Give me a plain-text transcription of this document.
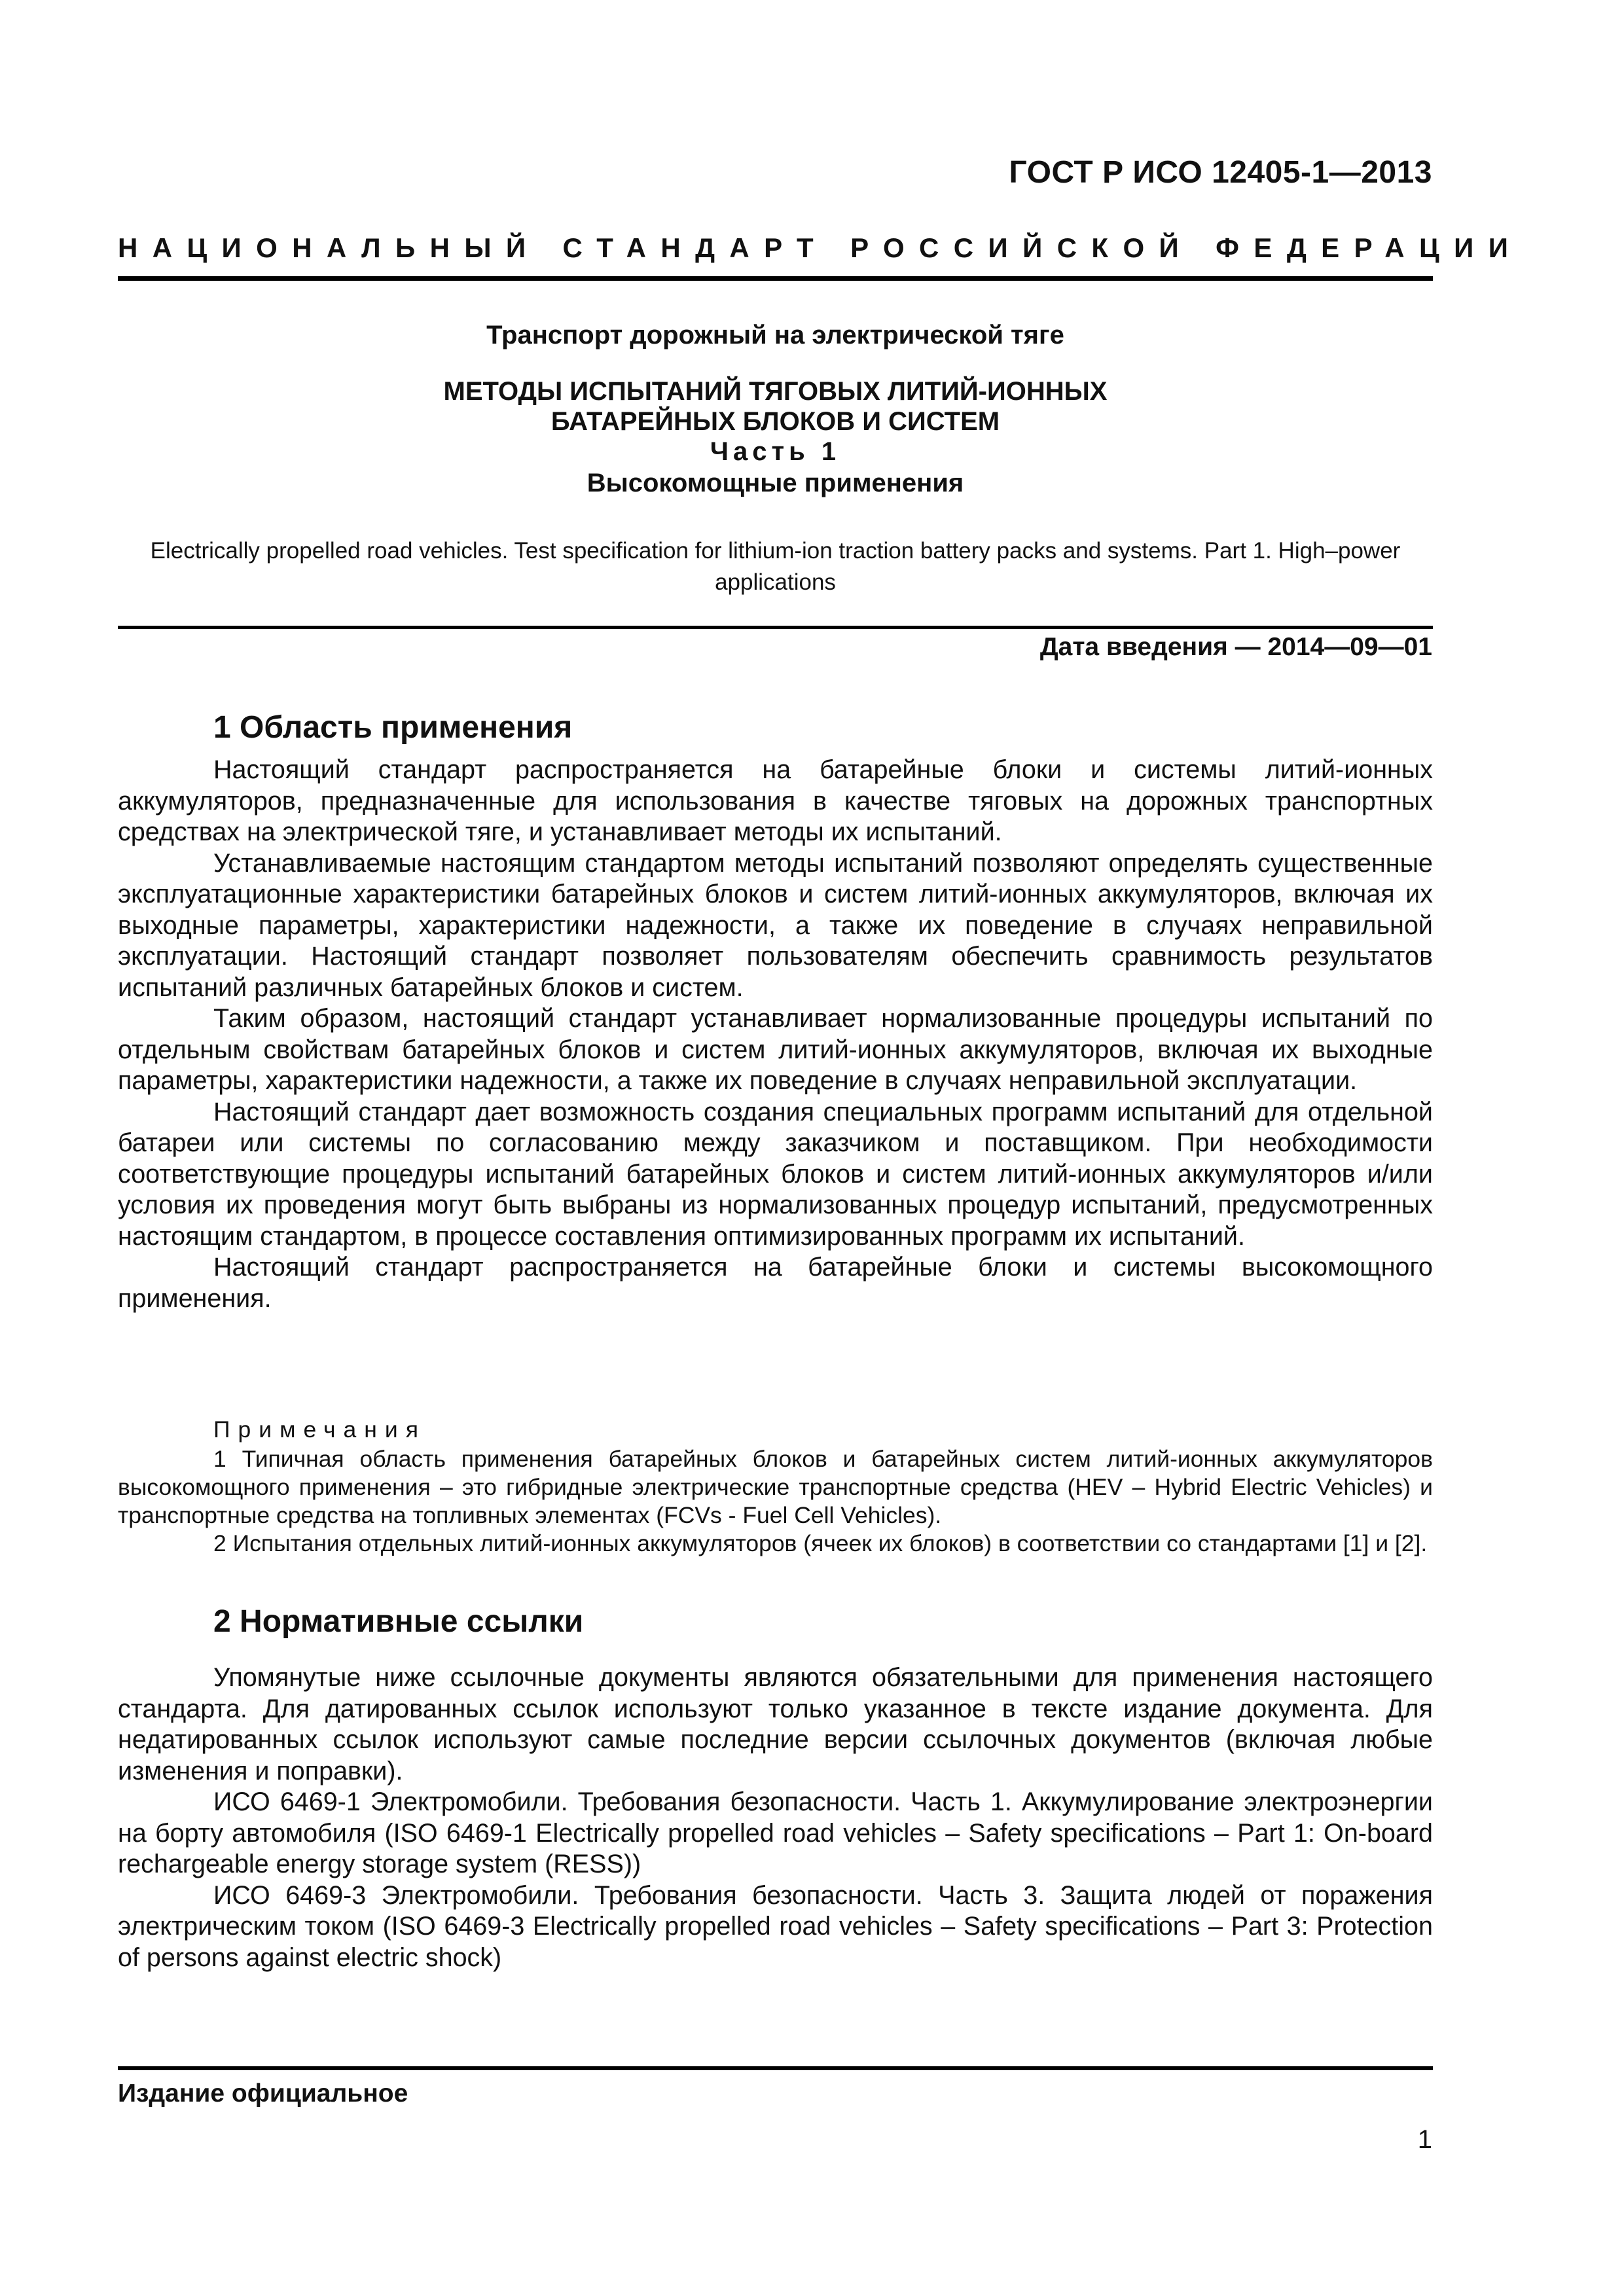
ГОСТ Р ИСО 12405-1—2013
НАЦИОНАЛЬНЫЙ СТАНДАРТ РОССИЙСКОЙ ФЕДЕРАЦИИ
Транспорт дорожный на электрической тяге
МЕТОДЫ ИСПЫТАНИЙ ТЯГОВЫХ ЛИТИЙ-ИОННЫХ
БАТАРЕЙНЫХ БЛОКОВ И СИСТЕМ
Часть 1
Высокомощные применения
Electrically propelled road vehicles. Test specification for lithium-ion traction battery packs and systems. Part 1. High–power applications
Дата введения — 2014—09—01
1 Область применения

Настоящий стандарт распространяется на батарейные блоки и системы литий-ионных аккумуляторов, предназначенные для использования в качестве тяговых на дорожных транспортных средствах на электрической тяге, и устанавливает методы их испытаний.

Устанавливаемые настоящим стандартом методы испытаний позволяют определять существенные эксплуатационные характеристики батарейных блоков и систем литий-ионных аккумуляторов, включая их выходные параметры, характеристики надежности, а также их поведение в случаях неправильной эксплуатации. Настоящий стандарт позволяет пользователям обеспечить сравнимость результатов испытаний различных батарейных блоков и систем.

Таким образом, настоящий стандарт устанавливает нормализованные процедуры испытаний по отдельным свойствам батарейных блоков и систем литий-ионных аккумуляторов, включая их выходные параметры, характеристики надежности, а также их поведение в случаях неправильной эксплуатации.

Настоящий стандарт дает возможность создания специальных программ испытаний для отдельной батареи или системы по согласованию между заказчиком и поставщиком. При необходимости соответствующие процедуры испытаний батарейных блоков и систем литий-ионных аккумуляторов и/или условия их проведения могут быть выбраны из нормализованных процедур испытаний, предусмотренных настоящим стандартом, в процессе составления оптимизированных программ их испытаний.

Настоящий стандарт распространяется на батарейные блоки и системы высокомощного применения.

Примечания

1 Типичная область применения батарейных блоков и батарейных систем литий-ионных аккумуляторов высокомощного применения – это гибридные электрические транспортные средства (HEV – Hybrid Electric Vehicles) и транспортные средства на топливных элементах (FCVs - Fuel Cell Vehicles).

2 Испытания отдельных литий-ионных аккумуляторов (ячеек их блоков) в соответствии со стандартами [1] и [2].

2 Нормативные ссылки

Упомянутые ниже ссылочные документы являются обязательными для применения настоящего стандарта. Для датированных ссылок используют только указанное в тексте издание документа. Для недатированных ссылок используют самые последние версии ссылочных документов (включая любые изменения и поправки).

ИСО 6469-1 Электромобили. Требования безопасности. Часть 1. Аккумулирование электроэнергии на борту автомобиля (ISO 6469-1 Electrically propelled road vehicles – Safety specifications – Part 1: On-board rechargeable energy storage system (RESS))

ИСО 6469-3 Электромобили. Требования безопасности. Часть 3. Защита людей от поражения электрическим током (ISO 6469-3 Electrically propelled road vehicles – Safety specifications – Part 3: Protection of persons against electric shock)

Издание официальное
1
